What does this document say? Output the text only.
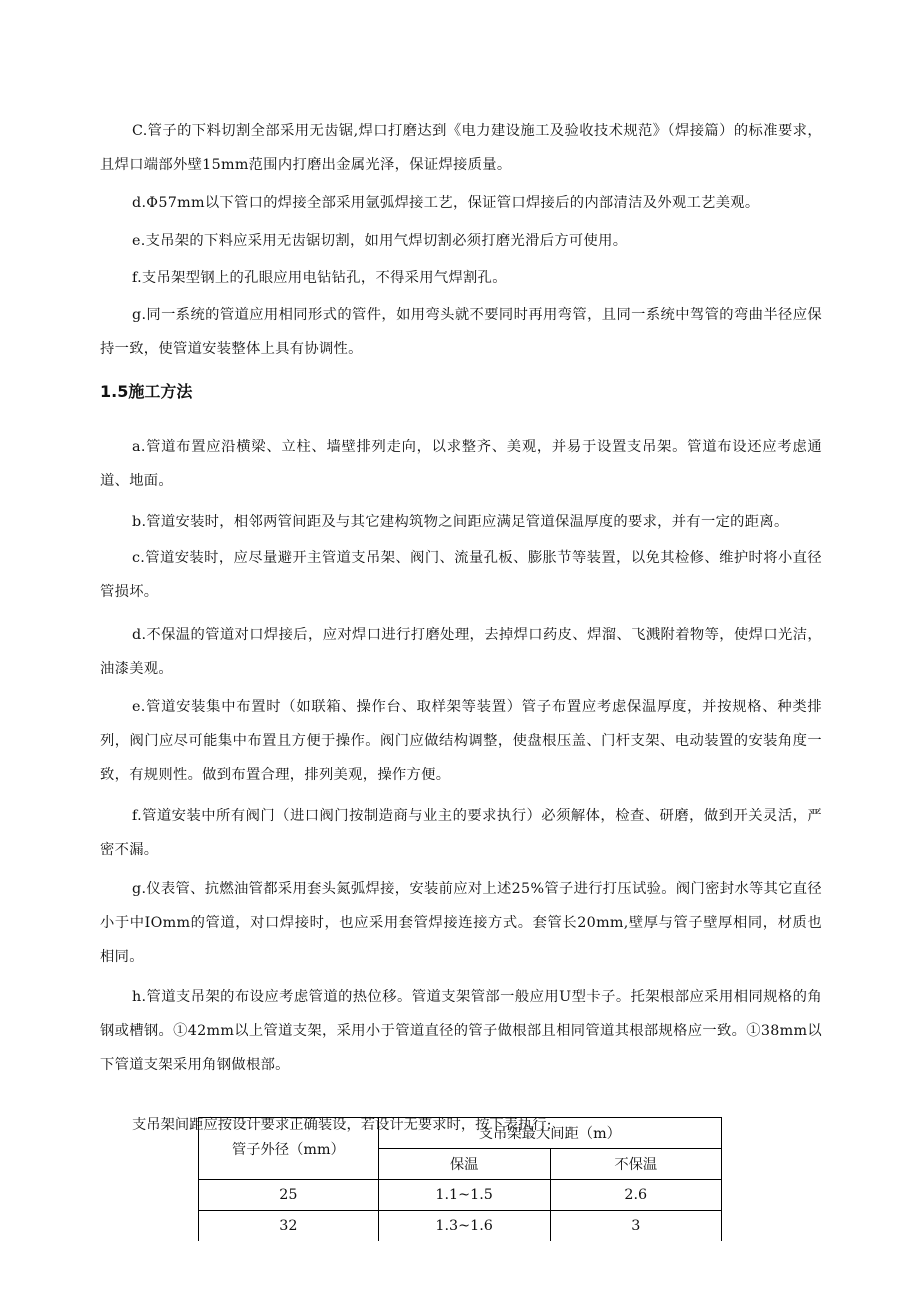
C.管子的下料切割全部采用无齿锯,焊口打磨达到《电力建设施工及验收技术规范》（焊接篇）的标准要求，且焊口端部外壁15mm范围内打磨出金属光泽，保证焊接质量。

d.Φ57mm以下管口的焊接全部采用氩弧焊接工艺，保证管口焊接后的内部清洁及外观工艺美观。

e.支吊架的下料应采用无齿锯切割，如用气焊切割必须打磨光滑后方可使用。

f.支吊架型钢上的孔眼应用电钻钻孔，不得采用气焊割孔。

g.同一系统的管道应用相同形式的管件，如用弯头就不要同时再用弯管，且同一系统中驾管的弯曲半径应保持一致，使管道安装整体上具有协调性。

1.5施工方法

a.管道布置应沿横梁、立柱、墙壁排列走向，以求整齐、美观，并易于设置支吊架。管道布设还应考虑通道、地面。

b.管道安装时，相邻两管间距及与其它建构筑物之间距应满足管道保温厚度的要求，并有一定的距离。

c.管道安装时，应尽量避开主管道支吊架、阀门、流量孔板、膨胀节等装置，以免其检修、维护时将小直径管损坏。

d.不保温的管道对口焊接后，应对焊口进行打磨处理，去掉焊口药皮、焊溜、飞溅附着物等，使焊口光洁，油漆美观。

e.管道安装集中布置时（如联箱、操作台、取样架等装置）管子布置应考虑保温厚度，并按规格、种类排列，阀门应尽可能集中布置且方便于操作。阀门应做结构调整，使盘根压盖、门杆支架、电动装置的安装角度一致，有规则性。做到布置合理，排列美观，操作方便。

f.管道安装中所有阀门（进口阀门按制造商与业主的要求执行）必须解体，检查、研磨，做到开关灵活，严密不漏。

g.仪表管、抗燃油管都采用套头氮弧焊接，安装前应对上述25%管子进行打压试验。阀门密封水等其它直径小于中IOmm的管道，对口焊接时，也应采用套管焊接连接方式。套管长20mm,壁厚与管子壁厚相同，材质也相同。

h.管道支吊架的布设应考虑管道的热位移。管道支架管部一般应用U型卡子。托架根部应采用相同规格的角钢或槽钢。①42mm以上管道支架，采用小于管道直径的管子做根部且相同管道其根部规格应一致。①38mm以下管道支架采用角钢做根部。

支吊架间距应按设计要求正确装设，若设计无要求时，按下表执行:

管子外径（mm）	支吊架最大间距（m）	
	保温	不保温
25	1.1~1.5	2.6
32	1.3~1.6	3
